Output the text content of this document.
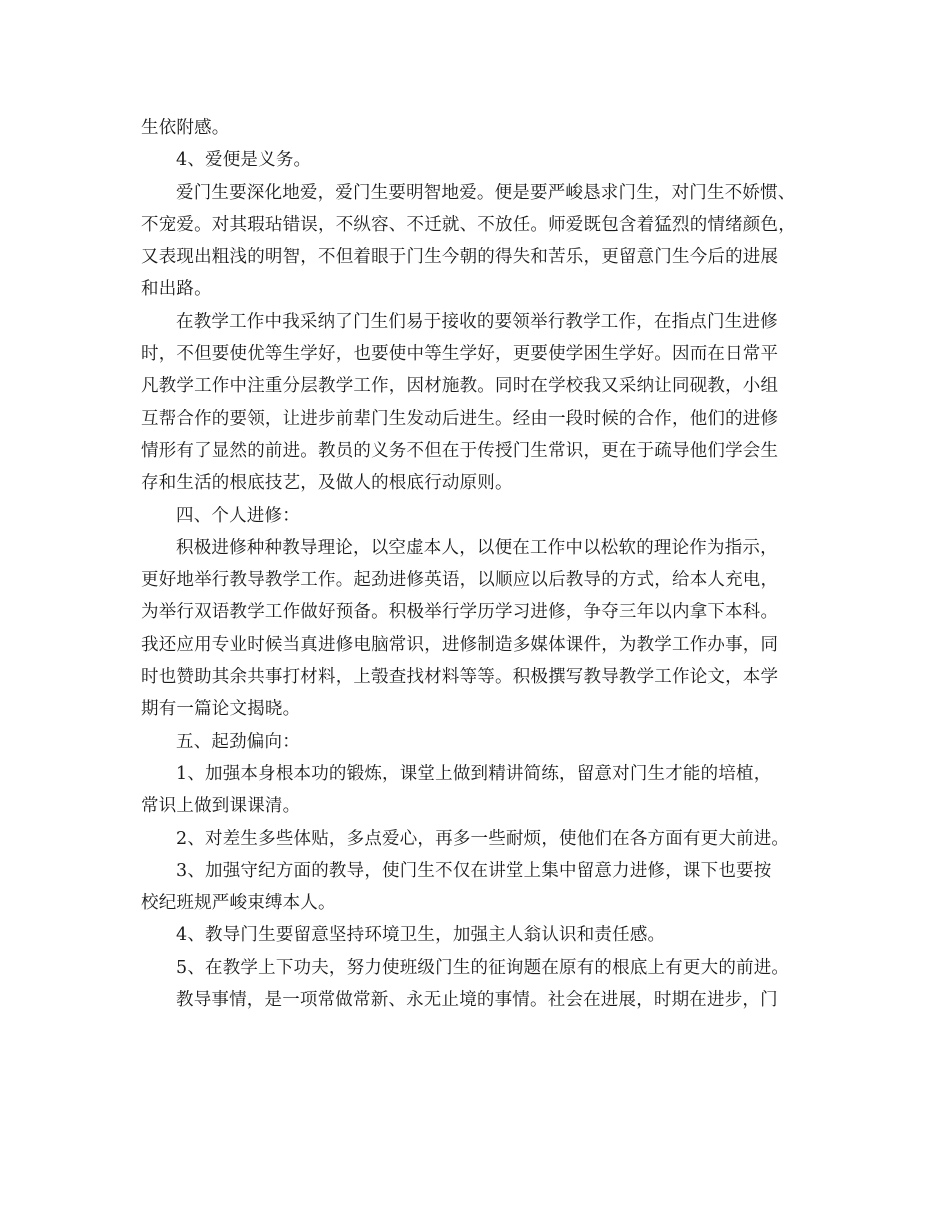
生依附感。
4、爱便是义务。
爱门生要深化地爱，爱门生要明智地爱。便是要严峻恳求门生，对门生不娇惯、
不宠爱。对其瑕玷错误，不纵容、不迁就、不放任。师爱既包含着猛烈的情绪颜色，
又表现出粗浅的明智，不但着眼于门生今朝的得失和苦乐，更留意门生今后的进展
和出路。
在教学工作中我采纳了门生们易于接收的要领举行教学工作，在指点门生进修
时，不但要使优等生学好，也要使中等生学好，更要使学困生学好。因而在日常平
凡教学工作中注重分层教学工作，因材施教。同时在学校我又采纳让同砚教，小组
互帮合作的要领，让进步前辈门生发动后进生。经由一段时候的合作，他们的进修
情形有了显然的前进。教员的义务不但在于传授门生常识，更在于疏导他们学会生
存和生活的根底技艺，及做人的根底行动原则。
四、个人进修：
积极进修种种教导理论，以空虚本人，以便在工作中以松软的理论作为指示，
更好地举行教导教学工作。起劲进修英语，以顺应以后教导的方式，给本人充电，
为举行双语教学工作做好预备。积极举行学历学习进修，争夺三年以内拿下本科。
我还应用专业时候当真进修电脑常识，进修制造多媒体课件，为教学工作办事，同
时也赞助其余共事打材料，上彀查找材料等等。积极撰写教导教学工作论文，本学
期有一篇论文揭晓。
五、起劲偏向：
1、加强本身根本功的锻炼，课堂上做到精讲简练，留意对门生才能的培植，
常识上做到课课清。
2、对差生多些体贴，多点爱心，再多一些耐烦，使他们在各方面有更大前进。
3、加强守纪方面的教导，使门生不仅在讲堂上集中留意力进修，课下也要按
校纪班规严峻束缚本人。
4、教导门生要留意坚持环境卫生，加强主人翁认识和责任感。
5、在教学上下功夫，努力使班级门生的征询题在原有的根底上有更大的前进。
教导事情，是一项常做常新、永无止境的事情。社会在进展，时期在进步，门
